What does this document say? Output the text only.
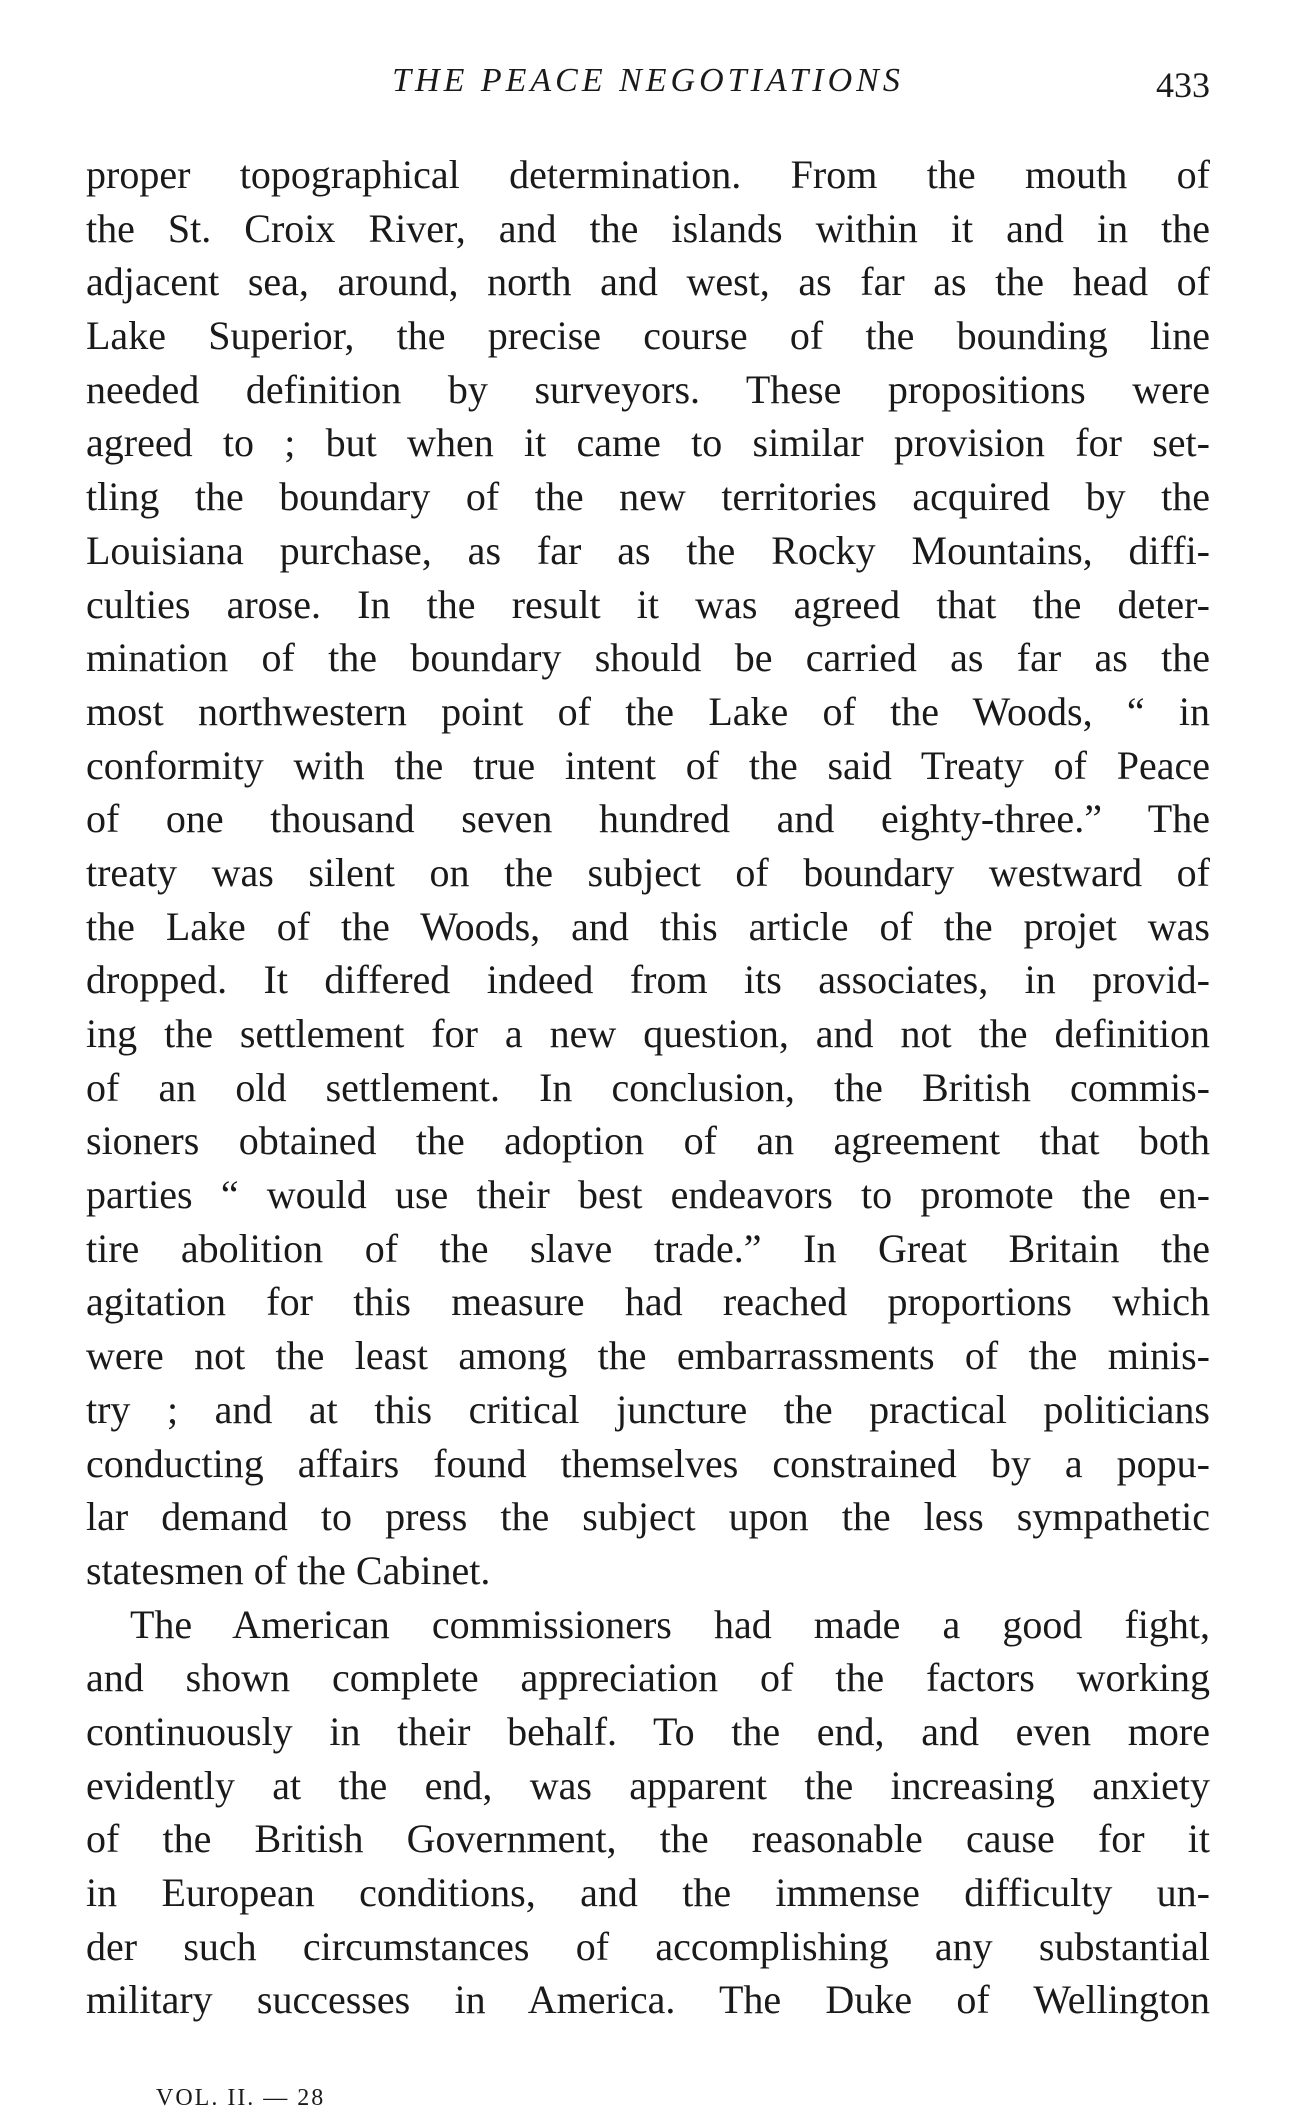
THE PEACE NEGOTIATIONS	433
proper topographical determination. From the mouth of
the St. Croix River, and the islands within it and in the
adjacent sea, around, north and west, as far as the head of
Lake Superior, the precise course of the bounding line
needed definition by surveyors. These propositions were
agreed to ; but when it came to similar provision for set-
tling the boundary of the new territories acquired by the
Louisiana purchase, as far as the Rocky Mountains, diffi-
culties arose. In the result it was agreed that the deter-
mination of the boundary should be carried as far as the
most northwestern point of the Lake of the Woods, “ in
conformity with the true intent of the said Treaty of Peace
of one thousand seven hundred and eighty-three.” The
treaty was silent on the subject of boundary westward of
the Lake of the Woods, and this article of the projet was
dropped. It differed indeed from its associates, in provid-
ing the settlement for a new question, and not the definition
of an old settlement. In conclusion, the British commis-
sioners obtained the adoption of an agreement that both
parties “ would use their best endeavors to promote the en-
tire abolition of the slave trade.” In Great Britain the
agitation for this measure had reached proportions which
were not the least among the embarrassments of the minis-
try ; and at this critical juncture the practical politicians
conducting affairs found themselves constrained by a popu-
lar demand to press the subject upon the less sympathetic
statesmen of the Cabinet.
The American commissioners had made a good fight,
and shown complete appreciation of the factors working
continuously in their behalf. To the end, and even more
evidently at the end, was apparent the increasing anxiety
of the British Government, the reasonable cause for it
in European conditions, and the immense difficulty un-
der such circumstances of accomplishing any substantial
military successes in America. The Duke of Wellington
VOL. II. — 28
